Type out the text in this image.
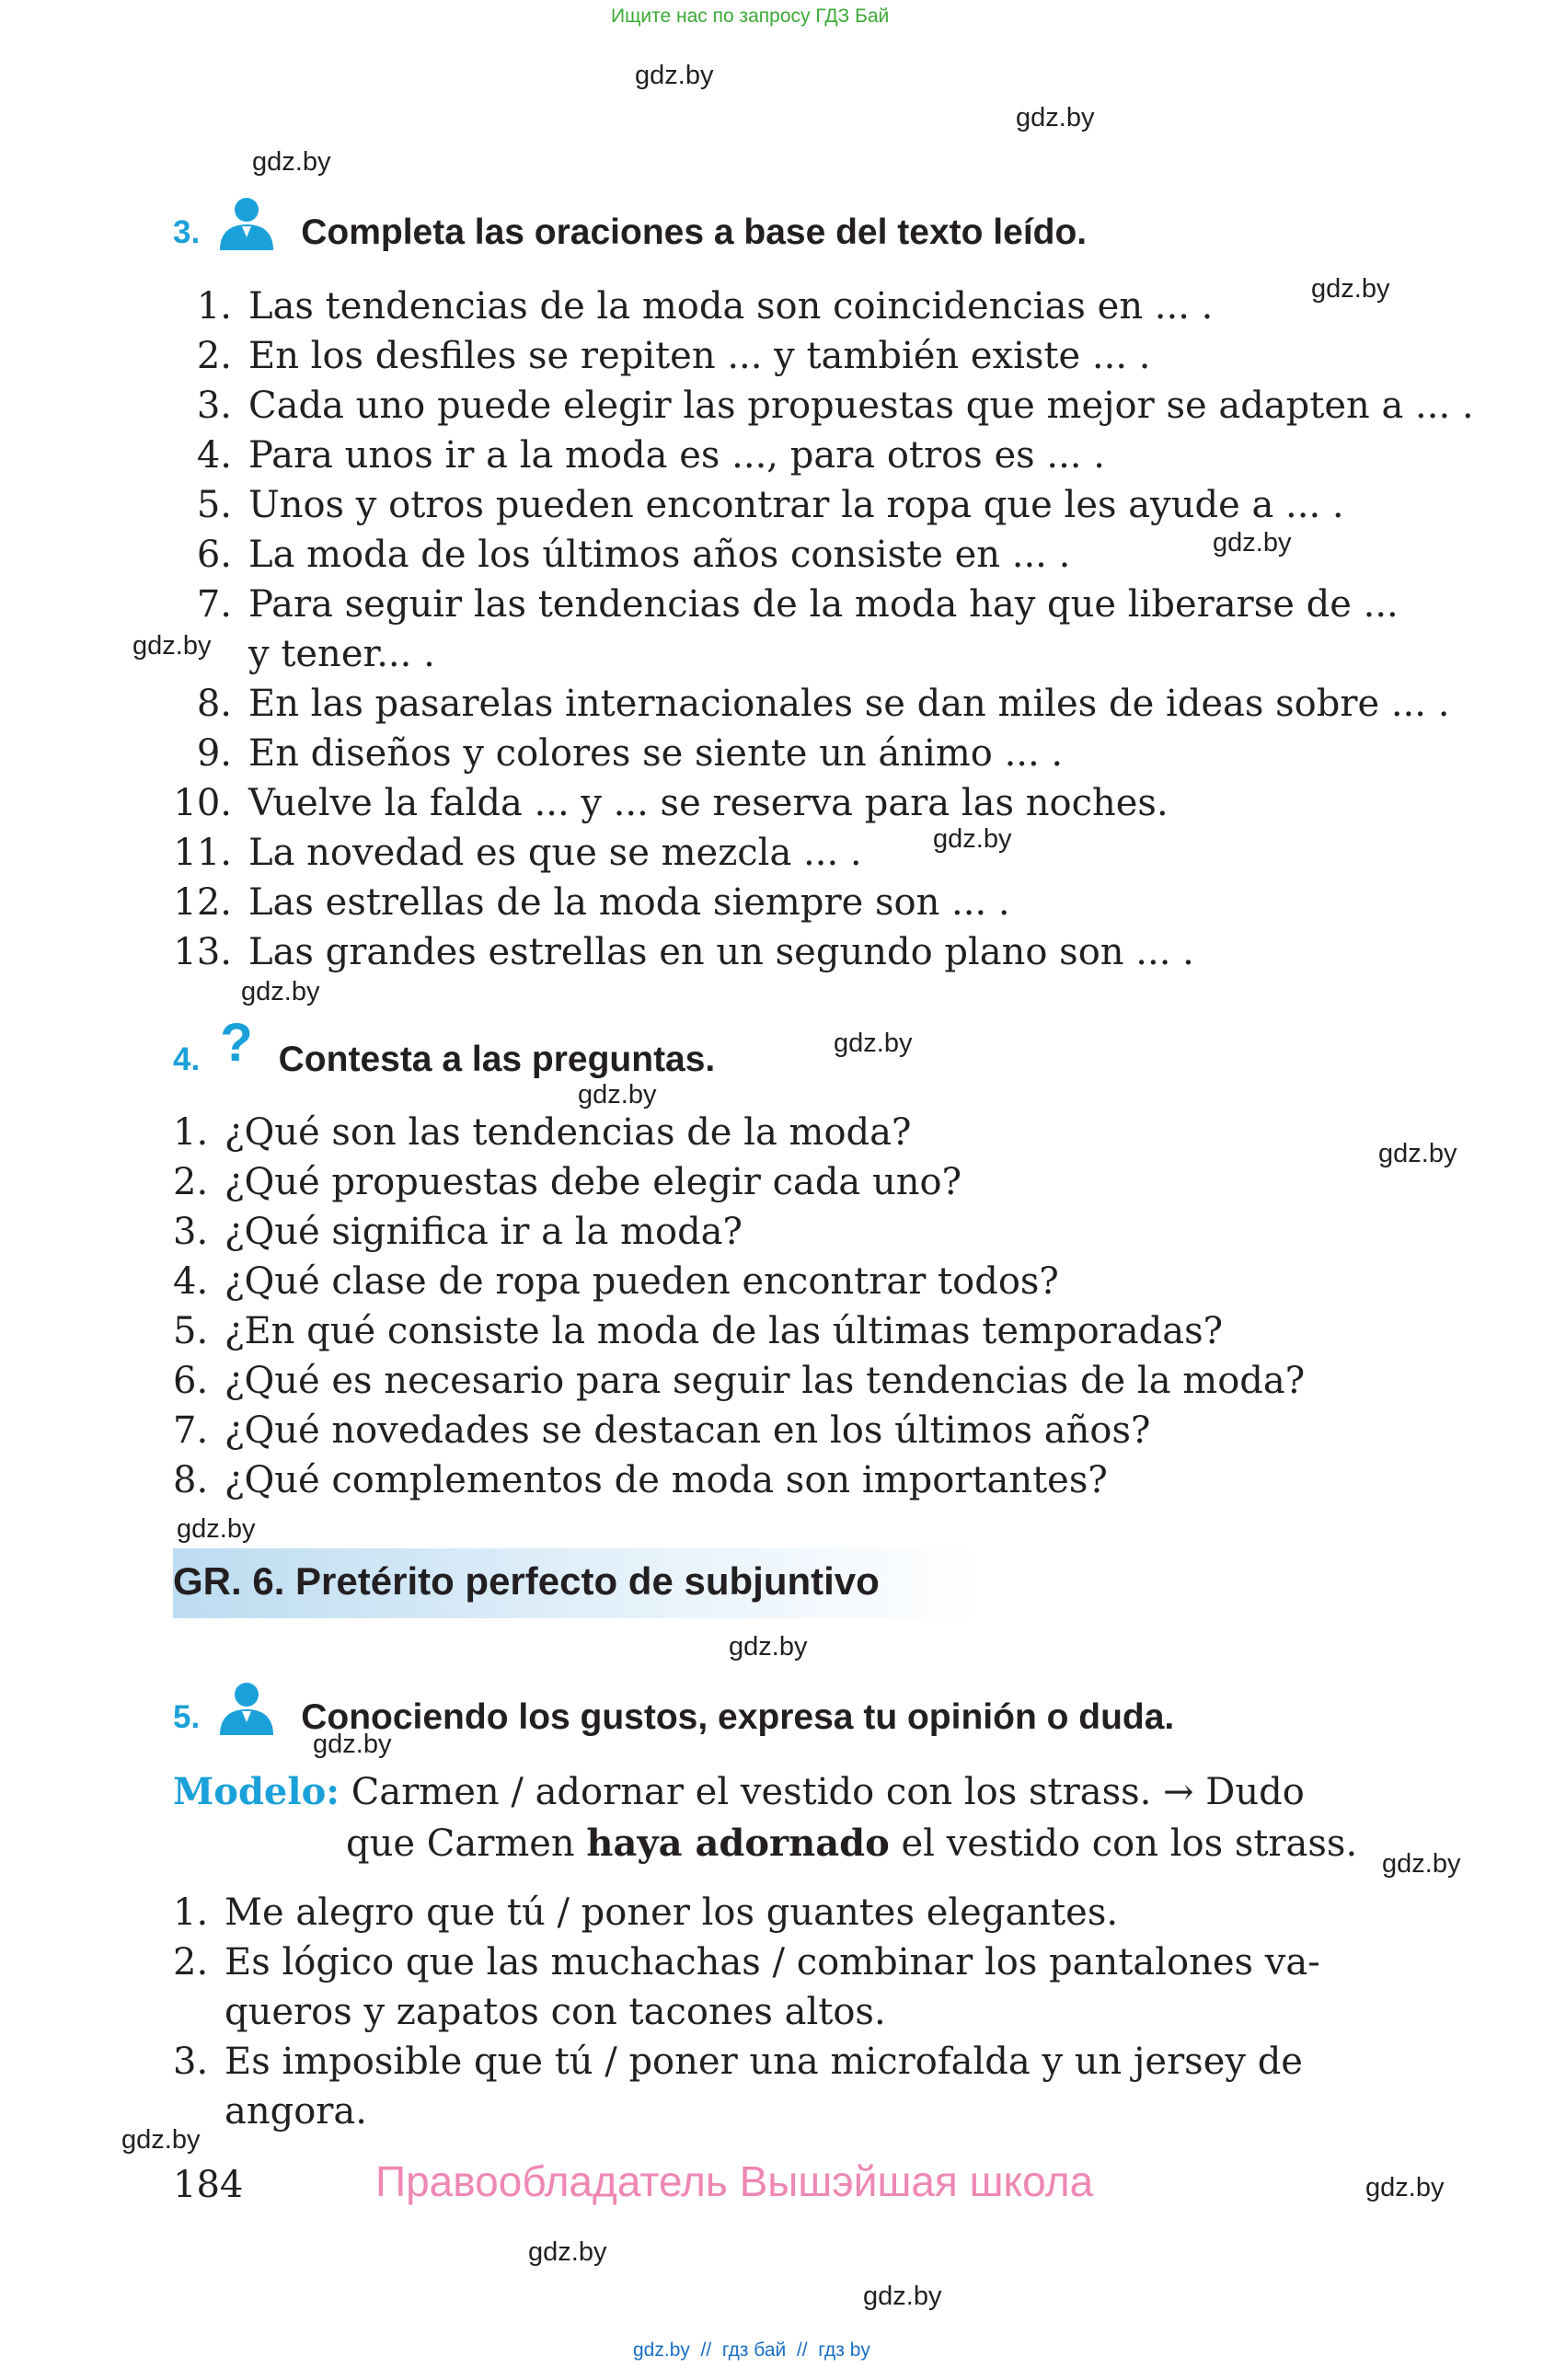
Ищите нас по запросу ГДЗ Бай
gdz.by
gdz.by
gdz.by
gdz.by
gdz.by
gdz.by
gdz.by
gdz.by
gdz.by
gdz.by
gdz.by
gdz.by
gdz.by
gdz.by
gdz.by
gdz.by
gdz.by
gdz.by
gdz.by
3.	Completa las oraciones a base del texto leído.
1. Las tendencias de la moda son coincidencias en ... .
2. En los desfiles se repiten ... y también existe ... .
3. Cada uno puede elegir las propuestas que mejor se adapten a ... .
4. Para unos ir a la moda es ..., para otros es ... .
5. Unos y otros pueden encontrar la ropa que les ayude a ... .
6. La moda de los últimos años consiste en ... .
7. Para seguir las tendencias de la moda hay que liberarse de ...
y tener... .
8. En las pasarelas internacionales se dan miles de ideas sobre ... .
9. En diseños y colores se siente un ánimo ... .
10. Vuelve la falda ... y ... se reserva para las noches.
11. La novedad es que se mezcla ... .
12. Las estrellas de la moda siempre son ... .
13. Las grandes estrellas en un segundo plano son ... .
4. ? Contesta a las preguntas.
1. ¿Qué son las tendencias de la moda?
2. ¿Qué propuestas debe elegir cada uno?
3. ¿Qué significa ir a la moda?
4. ¿Qué clase de ropa pueden encontrar todos?
5. ¿En qué consiste la moda de las últimas temporadas?
6. ¿Qué es necesario para seguir las tendencias de la moda?
7. ¿Qué novedades se destacan en los últimos años?
8. ¿Qué complementos de moda son importantes?
GR. 6. Pretérito perfecto de subjuntivo
5.	Conociendo los gustos, expresa tu opinión o duda.
Modelo: Carmen / adornar el vestido con los strass. → Dudo
que Carmen haya adornado el vestido con los strass.
1. Me alegro que tú / poner los guantes elegantes.
2. Es lógico que las muchachas / combinar los pantalones va-
queros y zapatos con tacones altos.
3. Es imposible que tú / poner una microfalda y un jersey de
angora.
184	Правообладатель Вышэйшая школа
gdz.by  //  гдз бай  //  гдз by
